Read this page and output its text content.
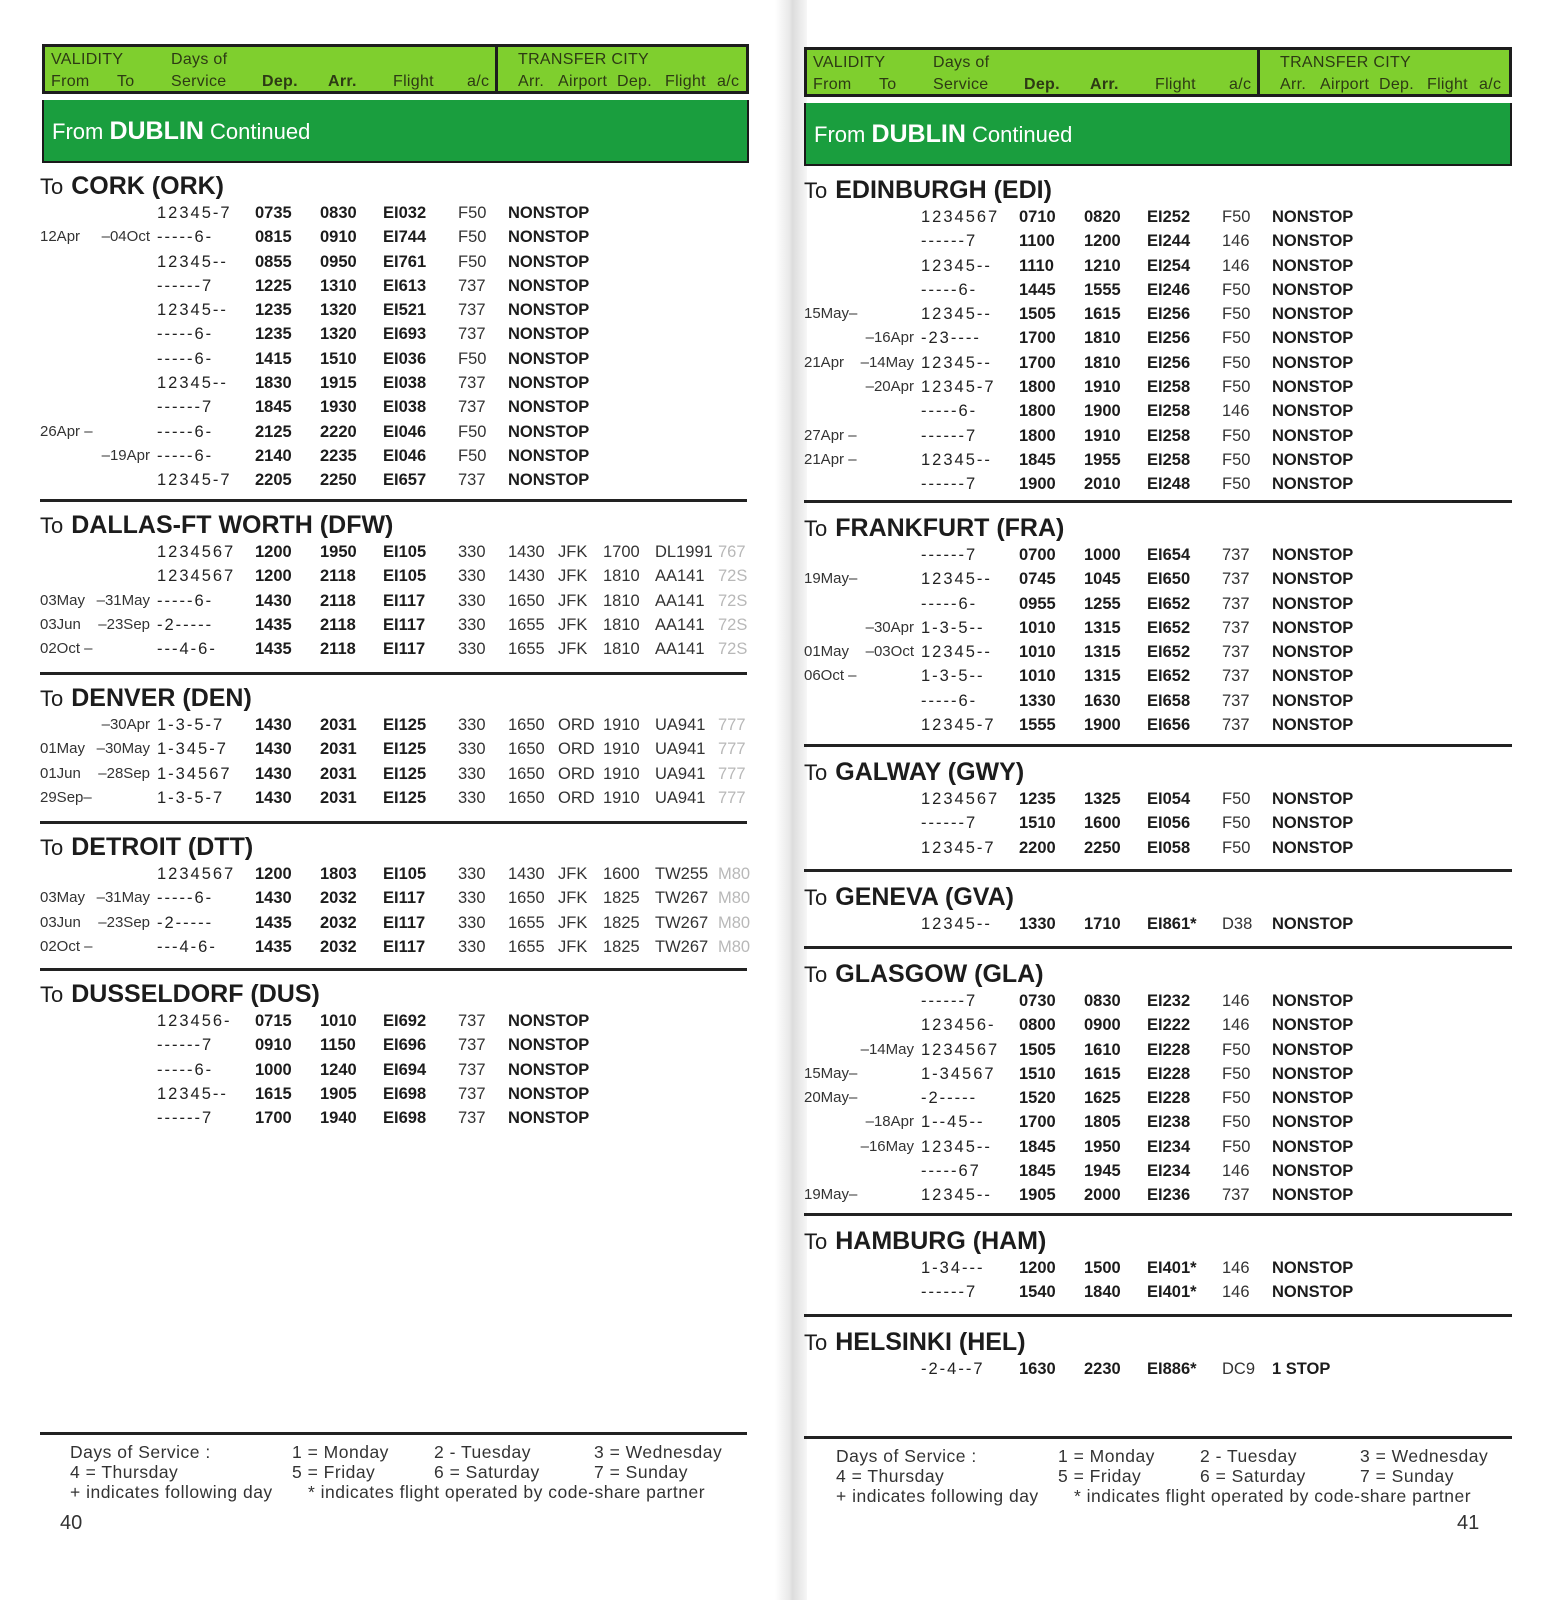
VALIDITY
From To
Days of
Service Dep. Arr. Flight a/c
TRANSFER CITY
Arr. Airport Dep. Flight a/c
From DUBLIN Continued
To CORK (ORK)
12345-7 0735 0830 EI032 F50 NONSTOP
12Apr –04Oct -----6-	0815 0910 EI744 F50 NONSTOP
12345-- 0855 0950 EI761 F50 NONSTOP
------7	1225 1310 EI613 737 NONSTOP
12345-- 1235 1320 EI521 737 NONSTOP
-----6-	1235 1320 EI693 737 NONSTOP
-----6-	1415 1510 EI036 F50 NONSTOP
12345-- 1830 1915 EI038 737 NONSTOP
------7	1845 1930 EI038 737 NONSTOP
26Apr –	-----6-	2125 2220 EI046 F50 NONSTOP
–19Apr -----6-	2140 2235 EI046 F50 NONSTOP
12345-7 2205 2250 EI657 737 NONSTOP
To DALLAS-FT WORTH (DFW)
1234567 1200 1950 EI105 330 1430 JFK 1700 DL1991 767
1234567 1200 2118 EI105 330 1430 JFK 1810 AA141 72S
03May –31May -----6-	1430 2118 EI117 330 1650 JFK 1810 AA141 72S
03Jun –23Sep -2-----	1435 2118 EI117 330 1655 JFK 1810 AA141 72S
02Oct –	---4-6- 1435 2118 EI117 330 1655 JFK 1810 AA141 72S
To DENVER (DEN)
–30Apr 1-3-5-7 1430 2031 EI125 330 1650 ORD 1910 UA941 777
01May –30May 1-345-7 1430 2031 EI125 330 1650 ORD 1910 UA941 777
01Jun –28Sep 1-34567 1430 2031 EI125 330 1650 ORD 1910 UA941 777
29Sep–	1-3-5-7 1430 2031 EI125 330 1650 ORD 1910 UA941 777
To DETROIT (DTT)
1234567 1200 1803 EI105 330 1430 JFK 1600 TW255 M80
03May –31May -----6-	1430 2032 EI117 330 1650 JFK 1825 TW267 M80
03Jun –23Sep -2-----	1435 2032 EI117 330 1655 JFK 1825 TW267 M80
02Oct –	---4-6- 1435 2032 EI117 330 1655 JFK 1825 TW267 M80
To DUSSELDORF (DUS)
123456- 0715 1010 EI692 737 NONSTOP
------7	0910 1150 EI696 737 NONSTOP
-----6-	1000 1240 EI694 737 NONSTOP
12345-- 1615 1905 EI698 737 NONSTOP
------7	1700 1940 EI698 737 NONSTOP
Days of Service :	1 = Monday	2 - Tuesday	3 = Wednesday
4 = Thursday	5 = Friday	6 = Saturday	7 = Sunday
+ indicates following day * indicates flight operated by code-share partner
40
VALIDITY
From To
Days of
Service Dep. Arr. Flight a/c
TRANSFER CITY
Arr. Airport Dep. Flight a/c
From DUBLIN Continued
To EDINBURGH (EDI)
1234567 0710 0820 EI252 F50 NONSTOP
------7	1100 1200 EI244 146 NONSTOP
12345-- 1110 1210 EI254 146 NONSTOP
-----6-	1445 1555 EI246 F50 NONSTOP
15May–	12345-- 1505 1615 EI256 F50 NONSTOP
–16Apr -23---- 1700 1810 EI256 F50 NONSTOP
21Apr –14May 12345-- 1700 1810 EI256 F50 NONSTOP
–20Apr 12345-7 1800 1910 EI258 F50 NONSTOP
-----6-	1800 1900 EI258 146 NONSTOP
27Apr –	------7	1800 1910 EI258 F50 NONSTOP
21Apr –	12345-- 1845 1955 EI258 F50 NONSTOP
------7	1900 2010 EI248 F50 NONSTOP
To FRANKFURT (FRA)
------7	0700 1000 EI654 737 NONSTOP
19May–	12345-- 0745 1045 EI650 737 NONSTOP
-----6-	0955 1255 EI652 737 NONSTOP
–30Apr 1-3-5-- 1010 1315 EI652 737 NONSTOP
01May –03Oct 12345-- 1010 1315 EI652 737 NONSTOP
06Oct –	1-3-5-- 1010 1315 EI652 737 NONSTOP
-----6-	1330 1630 EI658 737 NONSTOP
12345-7 1555 1900 EI656 737 NONSTOP
To GALWAY (GWY)
1234567 1235 1325 EI054 F50 NONSTOP
------7	1510 1600 EI056 F50 NONSTOP
12345-7 2200 2250 EI058 F50 NONSTOP
To GENEVA (GVA)
12345-- 1330 1710 EI861* D38 NONSTOP
To GLASGOW (GLA)
------7	0730 0830 EI232 146 NONSTOP
123456- 0800 0900 EI222 146 NONSTOP
–14May 1234567 1505 1610 EI228 F50 NONSTOP
15May–	1-34567 1510 1615 EI228 F50 NONSTOP
20May–	-2-----	1520 1625 EI228 F50 NONSTOP
–18Apr 1--45-- 1700 1805 EI238 F50 NONSTOP
–16May 12345-- 1845 1950 EI234 F50 NONSTOP
-----67 1845 1945 EI234 146 NONSTOP
19May–	12345-- 1905 2000 EI236 737 NONSTOP
To HAMBURG (HAM)
1-34--- 1200 1500 EI401* 146 NONSTOP
------7	1540 1840 EI401* 146 NONSTOP
To HELSINKI (HEL)
-2-4--7 1630 2230 EI886* DC9 1 STOP
Days of Service :	1 = Monday	2 - Tuesday	3 = Wednesday
4 = Thursday	5 = Friday	6 = Saturday	7 = Sunday
+ indicates following day * indicates flight operated by code-share partner
41
